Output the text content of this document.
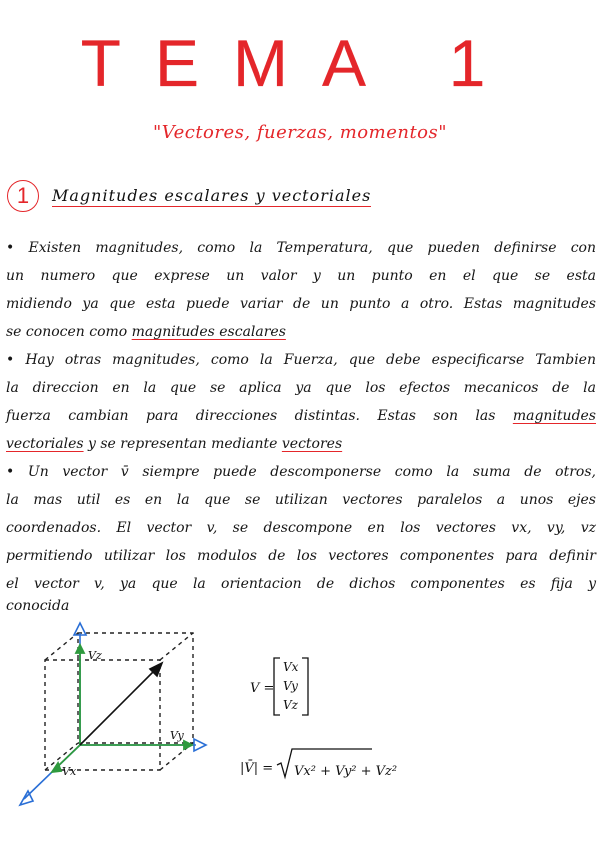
TEMA 1
"Vectores, fuerzas, momentos"
1	Magnitudes escalares y vectoriales
• Existen magnitudes, como la Temperatura, que pueden definirse con
un numero que exprese un valor y un punto en el que se esta
midiendo ya que esta puede variar de un punto a otro. Estas magnitudes
se conocen como magnitudes escalares
• Hay otras magnitudes, como la Fuerza, que debe especificarse Tambien
la direccion en la que se aplica ya que los efectos mecanicos de la
fuerza cambian para direcciones distintas. Estas son las magnitudes
vectoriales y se representan mediante vectores
• Un vector v̄ siempre puede descomponerse como la suma de otros,
la mas util es en la que se utilizan vectores paralelos a unos ejes
coordenados. El vector v, se descompone en los vectores vx, vy, vz
permitiendo utilizar los modulos de los vectores componentes para definir
el vector v, ya que la orientacion de dichos componentes es fija y
conocida
Vz
Vy
Vx
V =
Vx
Vy
Vz
|V̄| = Vx² + Vy² + Vz²
